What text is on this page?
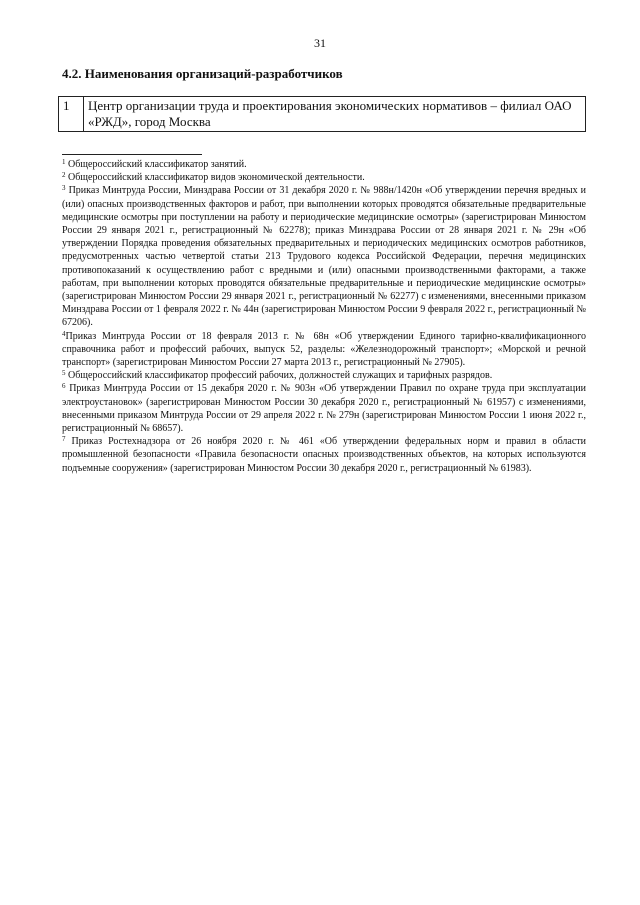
31
4.2. Наименования организаций-разработчиков
1	Центр организации труда и проектирования экономических нормативов – филиал ОАО «РЖД», город Москва

$^1$ Общероссийский классификатор занятий.

$^2$ Общероссийский классификатор видов экономической деятельности.

$^3$ Приказ Минтруда России, Минздрава России от 31 декабря 2020 г. № 988н/1420н «Об утверждении перечня вредных и (или) опасных производственных факторов и работ, при выполнении которых проводятся обязательные предварительные медицинские осмотры при поступлении на работу и периодические медицинские осмотры» (зарегистрирован Минюстом России 29 января 2021 г., регистрационный № 62278); приказ Минздрава России от 28 января 2021 г. № 29н «Об утверждении Порядка проведения обязательных предварительных и периодических медицинских осмотров работников, предусмотренных частью четвертой статьи 213 Трудового кодекса Российской Федерации, перечня медицинских противопоказаний к осуществлению работ с вредными и (или) опасными производственными факторами, а также работам, при выполнении которых проводятся обязательные предварительные и периодические медицинские осмотры» (зарегистрирован Минюстом России 29 января 2021 г., регистрационный № 62277) с изменениями, внесенными приказом Минздрава России от 1 февраля 2022 г. № 44н (зарегистрирован Минюстом России 9 февраля 2022 г., регистрационный № 67206).

$^4$Приказ Минтруда России от 18 февраля 2013 г. № 68н «Об утверждении Единого тарифно-квалификационного справочника работ и профессий рабочих, выпуск 52, разделы: «Железнодорожный транспорт»; «Морской и речной транспорт» (зарегистрирован Минюстом России 27 марта 2013 г., регистрационный № 27905).

$^5$ Общероссийский классификатор профессий рабочих, должностей служащих и тарифных разрядов.

$^6$ Приказ Минтруда России от 15 декабря 2020 г. № 903н «Об утверждении Правил по охране труда при эксплуатации электроустановок» (зарегистрирован Минюстом России 30 декабря 2020 г., регистрационный № 61957) с изменениями, внесенными приказом Минтруда России от 29 апреля 2022 г. № 279н (зарегистрирован Минюстом России 1 июня 2022 г., регистрационный № 68657).

$^7$ Приказ Ростехнадзора от 26 ноября 2020 г. № 461 «Об утверждении федеральных норм и правил в области промышленной безопасности «Правила безопасности опасных производственных объектов, на которых используются подъемные сооружения» (зарегистрирован Минюстом России 30 декабря 2020 г., регистрационный № 61983).
